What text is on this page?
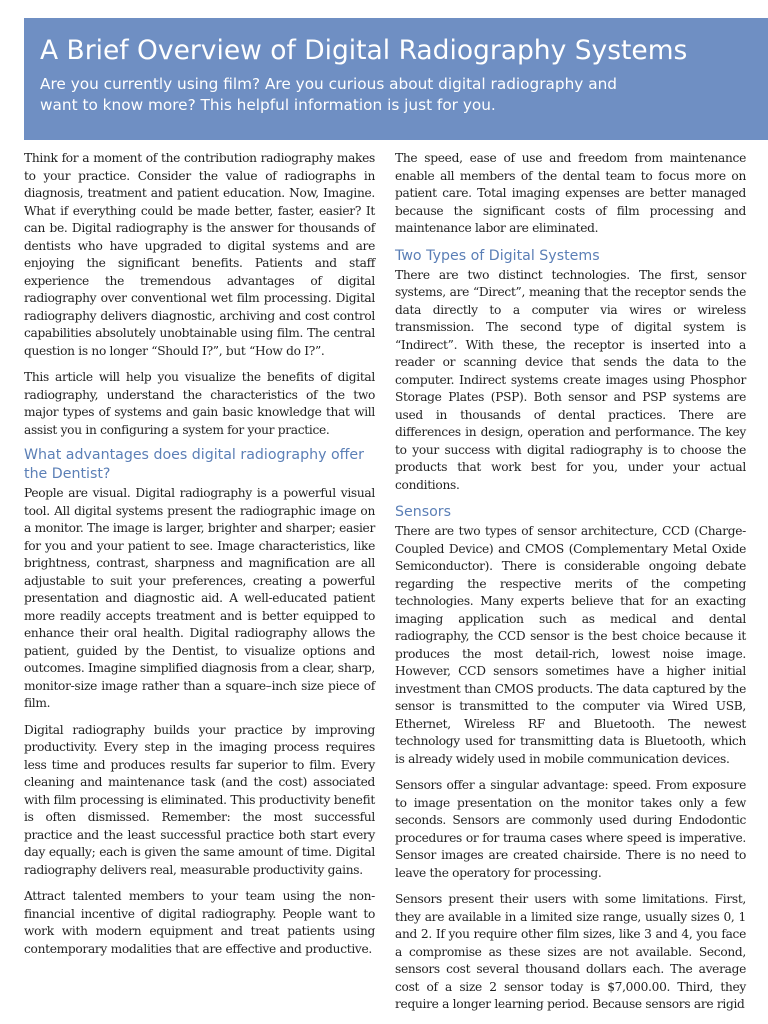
A Brief Overview of Digital Radiography Systems
Are you currently using film? Are you curious about digital radiography and
want to know more? This helpful information is just for you.

Think for a moment of the contribution radiography makes to your practice. Consider the value of radiographs in diagnosis, treatment and patient education. Now, Imagine. What if everything could be made better, faster, easier? It can be. Digital radiography is the answer for thousands of dentists who have upgraded to digital systems and are enjoying the significant benefits. Patients and staff experience the tremendous advantages of digital radiography over conventional wet film processing. Digital radiography delivers diagnostic, archiving and cost control capabilities absolutely unobtainable using film. The central question is no longer “Should I?”, but “How do I?”.

This article will help you visualize the benefits of digital radiography, understand the characteristics of the two major types of systems and gain basic knowledge that will assist you in configuring a system for your practice.

What advantages does digital radiography offer the Dentist?

People are visual. Digital radiography is a powerful visual tool. All digital systems present the radiographic image on a monitor. The image is larger, brighter and sharper; easier for you and your patient to see. Image characteristics, like brightness, contrast, sharpness and magnification are all adjustable to suit your preferences, creating a powerful presentation and diagnostic aid. A well-educated patient more readily accepts treatment and is better equipped to enhance their oral health. Digital radiography allows the patient, guided by the Dentist, to visualize options and outcomes. Imagine simplified diagnosis from a clear, sharp, monitor-size image rather than a square–inch size piece of film.

Digital radiography builds your practice by improving productivity. Every step in the imaging process requires less time and produces results far superior to film. Every cleaning and maintenance task (and the cost) associated with film processing is eliminated. This productivity benefit is often dismissed. Remember: the most successful practice and the least successful practice both start every day equally; each is given the same amount of time. Digital radiography delivers real, measurable productivity gains.

Attract talented members to your team using the non-financial incentive of digital radiography. People want to work with modern equipment and treat patients using contemporary modalities that are effective and productive.

The speed, ease of use and freedom from maintenance enable all members of the dental team to focus more on patient care. Total imaging expenses are better managed because the significant costs of film processing and maintenance labor are eliminated.

Two Types of Digital Systems

There are two distinct technologies. The first, sensor systems, are “Direct”, meaning that the receptor sends the data directly to a computer via wires or wireless transmission. The second type of digital system is “Indirect”. With these, the receptor is inserted into a reader or scanning device that sends the data to the computer. Indirect systems create images using Phosphor Storage Plates (PSP). Both sensor and PSP systems are used in thousands of dental practices. There are differences in design, operation and performance. The key to your success with digital radiography is to choose the products that work best for you, under your actual conditions.

Sensors

There are two types of sensor architecture, CCD (Charge-Coupled Device) and CMOS (Complementary Metal Oxide Semiconductor). There is considerable ongoing debate regarding the respective merits of the competing technologies. Many experts believe that for an exacting imaging application such as medical and dental radiography, the CCD sensor is the best choice because it produces the most detail-rich, lowest noise image. However, CCD sensors sometimes have a higher initial investment than CMOS products. The data captured by the sensor is transmitted to the computer via Wired USB, Ethernet, Wireless RF and Bluetooth. The newest technology used for transmitting data is Bluetooth, which is already widely used in mobile communication devices.

Sensors offer a singular advantage: speed. From exposure to image presentation on the monitor takes only a few seconds. Sensors are commonly used during Endodontic procedures or for trauma cases where speed is imperative. Sensor images are created chairside. There is no need to leave the operatory for processing.

Sensors present their users with some limitations. First, they are available in a limited size range, usually sizes 0, 1 and 2. If you require other film sizes, like 3 and 4, you face a compromise as these sizes are not available. Second, sensors cost several thousand dollars each. The average cost of a size 2 sensor today is $7,000.00. Third, they require a longer learning period. Because sensors are rigid
